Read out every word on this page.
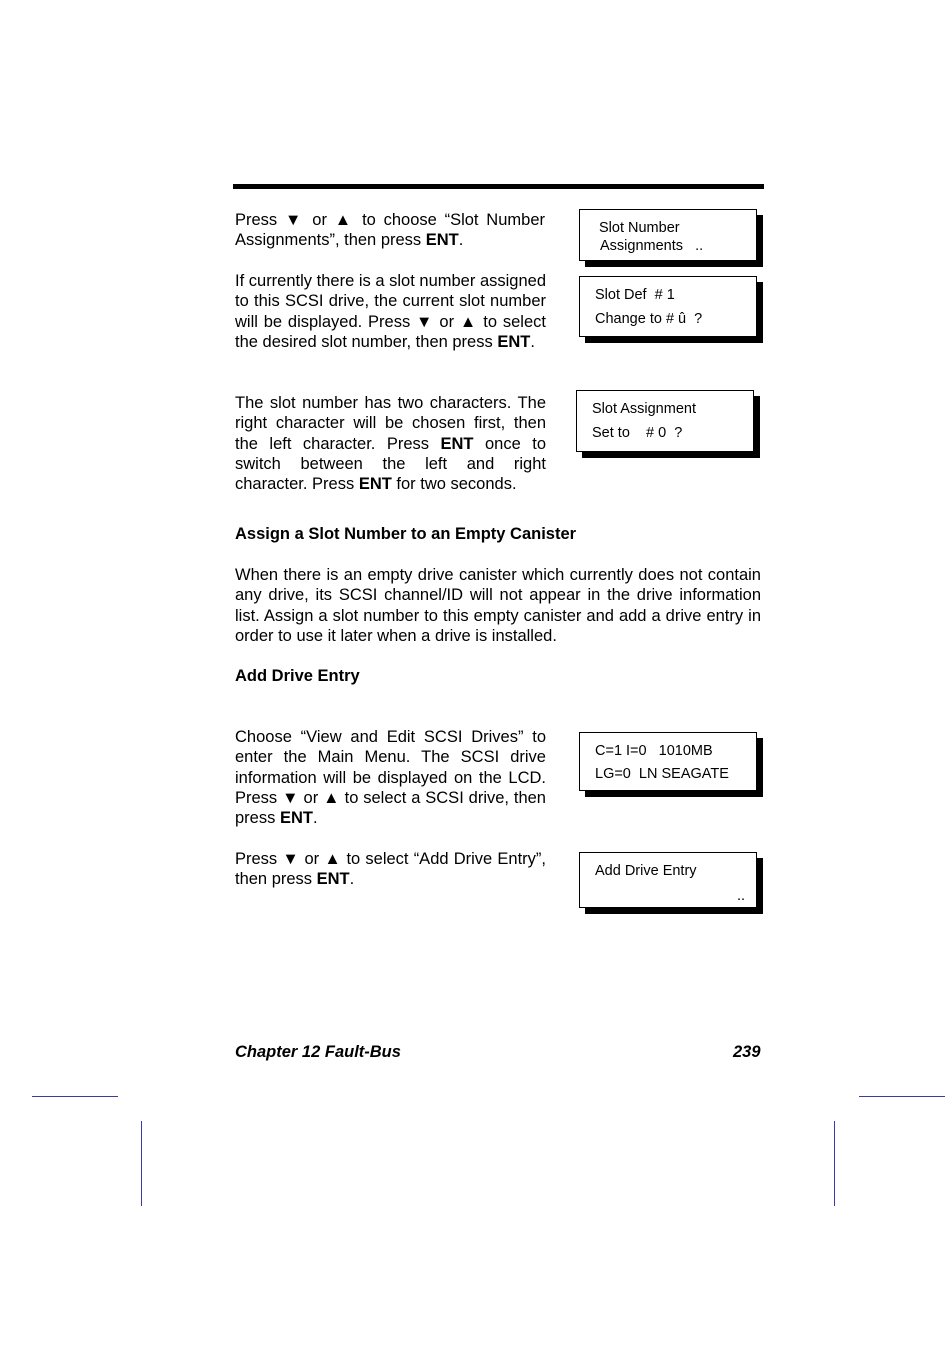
Press ▼ or ▲ to choose “Slot Number Assignments”, then press ENT.

If currently there is a slot number assigned to this SCSI drive, the current slot number will be displayed. Press ▼ or ▲ to select the desired slot number, then press ENT.

The slot number has two characters. The right character will be chosen first, then the left character. Press ENT once to switch between the left and right character. Press ENT for two seconds.

Slot Number
Assignments   ..
Slot Def  # 1
Change to # û  ?
Slot Assignment
Set to    # 0  ?
Assign a Slot Number to an Empty Canister

When there is an empty drive canister which currently does not contain any drive, its SCSI channel/ID will not appear in the drive information list. Assign a slot number to this empty canister and add a drive entry in order to use it later when a drive is installed.

Add Drive Entry

Choose “View and Edit SCSI Drives” to enter the Main Menu. The SCSI drive information will be displayed on the LCD. Press ▼ or ▲ to select a SCSI drive, then press ENT.

Press ▼ or ▲ to select “Add Drive Entry”, then press ENT.

C=1 I=0   1010MB
LG=0  LN SEAGATE
Add Drive Entry
..
Chapter 12 Fault-Bus	239
